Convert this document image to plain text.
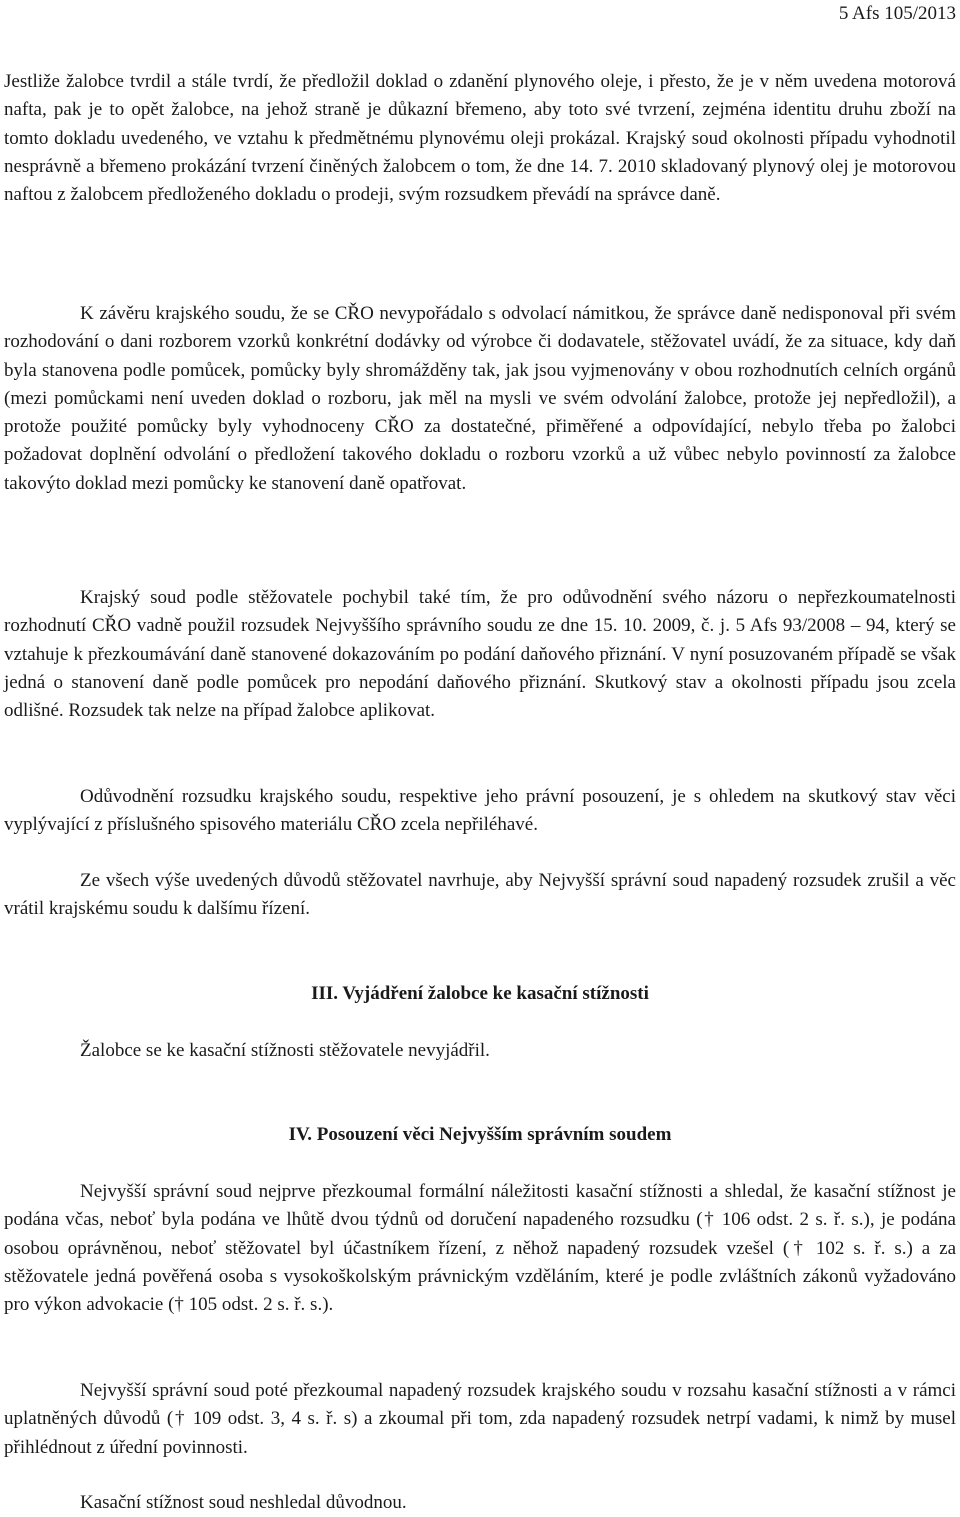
5 Afs 105/2013

Jestliže žalobce tvrdil a stále tvrdí, že předložil doklad o zdanění plynového oleje, i přesto, že je v něm uvedena motorová nafta, pak je to opět žalobce, na jehož straně je důkazní břemeno, aby toto své tvrzení, zejména identitu druhu zboží na tomto dokladu uvedeného, ve vztahu k předmětnému plynovému oleji prokázal. Krajský soud okolnosti případu vyhodnotil nesprávně a břemeno prokázání tvrzení činěných žalobcem o tom, že dne 14. 7. 2010 skladovaný plynový olej je motorovou naftou z žalobcem předloženého dokladu o prodeji, svým rozsudkem převádí na správce daně.

K závěru krajského soudu, že se CŘO nevypořádalo s odvolací námitkou, že správce daně nedisponoval při svém rozhodování o dani rozborem vzorků konkrétní dodávky od výrobce či dodavatele, stěžovatel uvádí, že za situace, kdy daň byla stanovena podle pomůcek, pomůcky byly shromážděny tak, jak jsou vyjmenovány v obou rozhodnutích celních orgánů (mezi pomůckami není uveden doklad o rozboru, jak měl na mysli ve svém odvolání žalobce, protože jej nepředložil), a protože použité pomůcky byly vyhodnoceny CŘO za dostatečné, přiměřené a odpovídající, nebylo třeba po žalobci požadovat doplnění odvolání o předložení takového dokladu o rozboru vzorků a už vůbec nebylo povinností za žalobce takovýto doklad mezi pomůcky ke stanovení daně opatřovat.

Krajský soud podle stěžovatele pochybil také tím, že pro odůvodnění svého názoru o nepřezkoumatelnosti rozhodnutí CŘO vadně použil rozsudek Nejvyššího správního soudu ze dne 15. 10. 2009, č. j. 5 Afs 93/2008 – 94, který se vztahuje k přezkoumávání daně stanovené dokazováním po podání daňového přiznání. V nyní posuzovaném případě se však jedná o stanovení daně podle pomůcek pro nepodání daňového přiznání. Skutkový stav a okolnosti případu jsou zcela odlišné. Rozsudek tak nelze na případ žalobce aplikovat.

Odůvodnění rozsudku krajského soudu, respektive jeho právní posouzení, je s ohledem na skutkový stav věci vyplývající z příslušného spisového materiálu CŘO zcela nepřiléhavé.

Ze všech výše uvedených důvodů stěžovatel navrhuje, aby Nejvyšší správní soud napadený rozsudek zrušil a věc vrátil krajskému soudu k dalšímu řízení.

III. Vyjádření žalobce ke kasační stížnosti

Žalobce se ke kasační stížnosti stěžovatele nevyjádřil.

IV. Posouzení věci Nejvyšším správním soudem

Nejvyšší správní soud nejprve přezkoumal formální náležitosti kasační stížnosti a shledal, že kasační stížnost je podána včas, neboť byla podána ve lhůtě dvou týdnů od doručení napadeného rozsudku († 106 odst. 2 s. ř. s.), je podána osobou oprávněnou, neboť stěžovatel byl účastníkem řízení, z něhož napadený rozsudek vzešel († 102 s. ř. s.) a za stěžovatele jedná pověřená osoba s vysokoškolským právnickým vzděláním, které je podle zvláštních zákonů vyžadováno pro výkon advokacie († 105 odst. 2 s. ř. s.).

Nejvyšší správní soud poté přezkoumal napadený rozsudek krajského soudu v rozsahu kasační stížnosti a v rámci uplatněných důvodů († 109 odst. 3, 4 s. ř. s) a zkoumal při tom, zda napadený rozsudek netrpí vadami, k nimž by musel přihlédnout z úřední povinnosti.

Kasační stížnost soud neshledal důvodnou.
